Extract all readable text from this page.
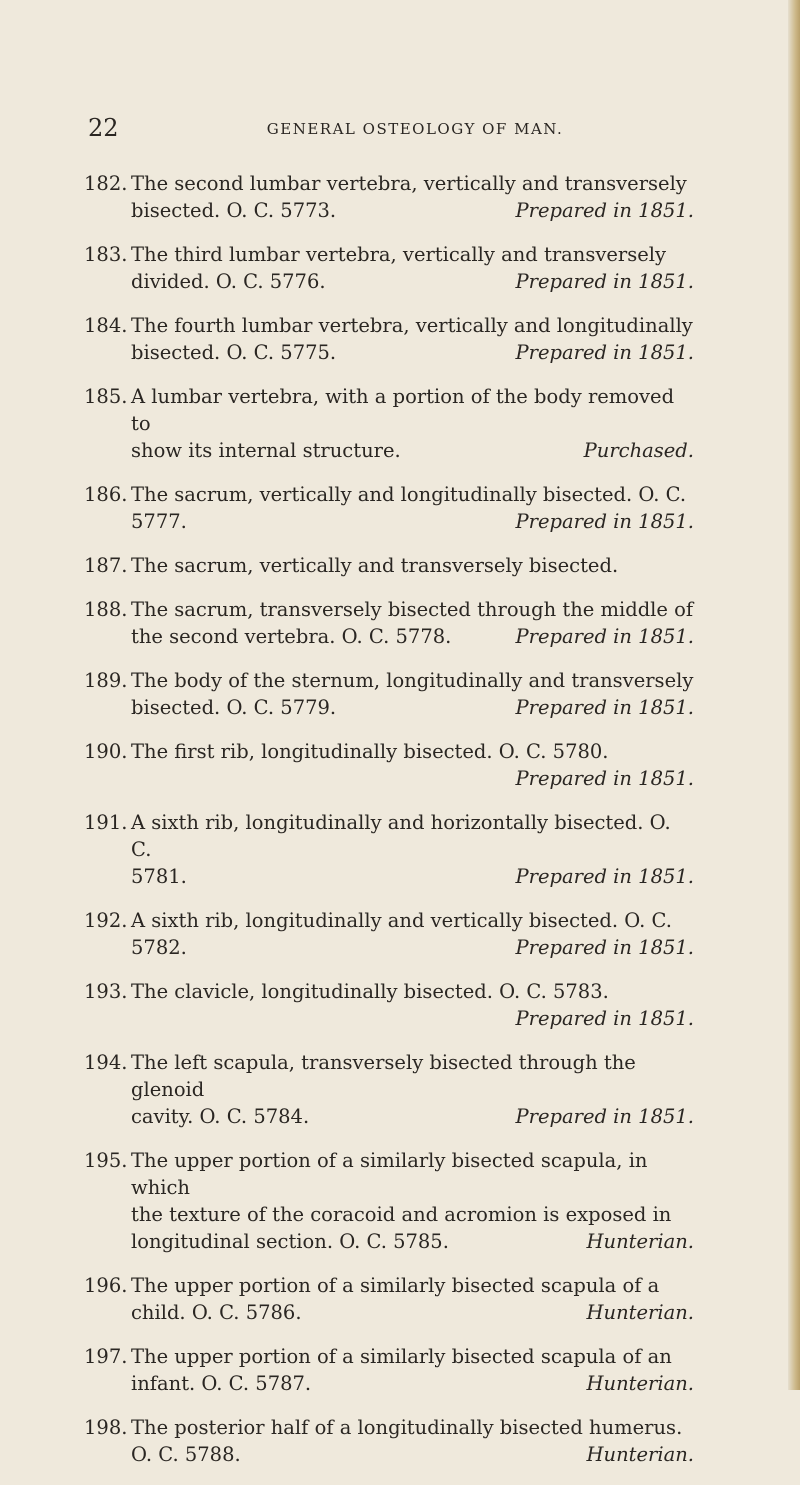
22	GENERAL OSTEOLOGY OF MAN.
182. The second lumbar vertebra, vertically and transversely
bisected. O. C. 5773.	Prepared in 1851.
183. The third lumbar vertebra, vertically and transversely
divided. O. C. 5776.	Prepared in 1851.
184. The fourth lumbar vertebra, vertically and longitudinally
bisected. O. C. 5775.	Prepared in 1851.
185. A lumbar vertebra, with a portion of the body removed to
show its internal structure.	Purchased.
186. The sacrum, vertically and longitudinally bisected. O. C.
5777.	Prepared in 1851.
187. The sacrum, vertically and transversely bisected.
188. The sacrum, transversely bisected through the middle of
the second vertebra. O. C. 5778.	Prepared in 1851.
189. The body of the sternum, longitudinally and transversely
bisected. O. C. 5779.	Prepared in 1851.
190. The first rib, longitudinally bisected. O. C. 5780.
Prepared in 1851.
191. A sixth rib, longitudinally and horizontally bisected. O. C.
5781.	Prepared in 1851.
192. A sixth rib, longitudinally and vertically bisected. O. C.
5782.	Prepared in 1851.
193. The clavicle, longitudinally bisected. O. C. 5783.
Prepared in 1851.
194. The left scapula, transversely bisected through the glenoid
cavity. O. C. 5784.	Prepared in 1851.
195. The upper portion of a similarly bisected scapula, in which
the texture of the coracoid and acromion is exposed in
longitudinal section. O. C. 5785.	Hunterian.
196. The upper portion of a similarly bisected scapula of a
child. O. C. 5786.	Hunterian.
197. The upper portion of a similarly bisected scapula of an
infant. O. C. 5787.	Hunterian.
198. The posterior half of a longitudinally bisected humerus.
O. C. 5788.	Hunterian.
